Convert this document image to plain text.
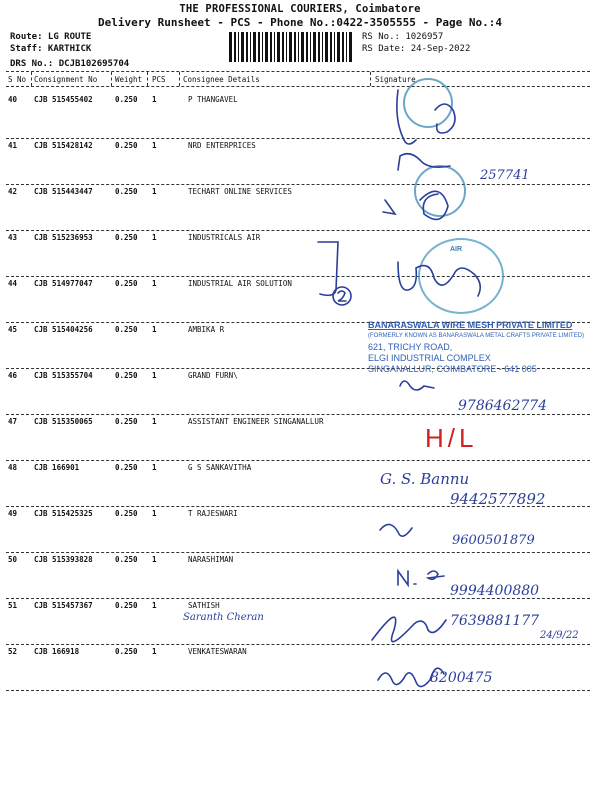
THE PROFESSIONAL COURIERS, Coimbatore
Delivery Runsheet - PCS - Phone No.:0422-3505555 - Page No.:4
Route: LG ROUTE
Staff: KARTHICK
DRS No.: DCJB102695704
RS No.: 1026957
RS Date: 24-Sep-2022
S No Consignment No Weight PCS Consignee Details	Signature
40 CJB 515455402	0.250 1	P THANGAVEL
41 CJB 515428142	0.250 1	NRD ENTERPRICES
42 CJB 515443447	0.250 1	TECHART ONLINE SERVICES
43 CJB 515236953	0.250 1	INDUSTRICALS AIR
44 CJB 514977047	0.250 1	INDUSTRIAL AIR SOLUTION
45 CJB 515404256	0.250 1	AMBIKA R
46 CJB 515355704	0.250 1	GRAND FURN\
47 CJB 515350065	0.250 1	ASSISTANT ENGINEER SINGANALLUR
48 CJB 166901	0.250 1	G S SANKAVITHA
49 CJB 515425325	0.250 1	T RAJESWARI
50 CJB 515393828	0.250 1	NARASHIMAN
51 CJB 515457367	0.250 1	SATHISH
52 CJB 166918	0.250 1	VENKATESWARAN
AIR
BANARASWALA WIRE MESH PRIVATE LIMITED
(FORMERLY KNOWN AS BANARASWALA METAL CRAFTS PRIVATE LIMITED)
621, TRICHY ROAD,
ELGI INDUSTRIAL COMPLEX
SINGANALLUR, COIMBATORE - 641 005
H/L
257741
9786462774
G. S. Bannu
9442577892
9600501879
9994400880
Saranth Cheran	7639881177
24/9/22
8200475
